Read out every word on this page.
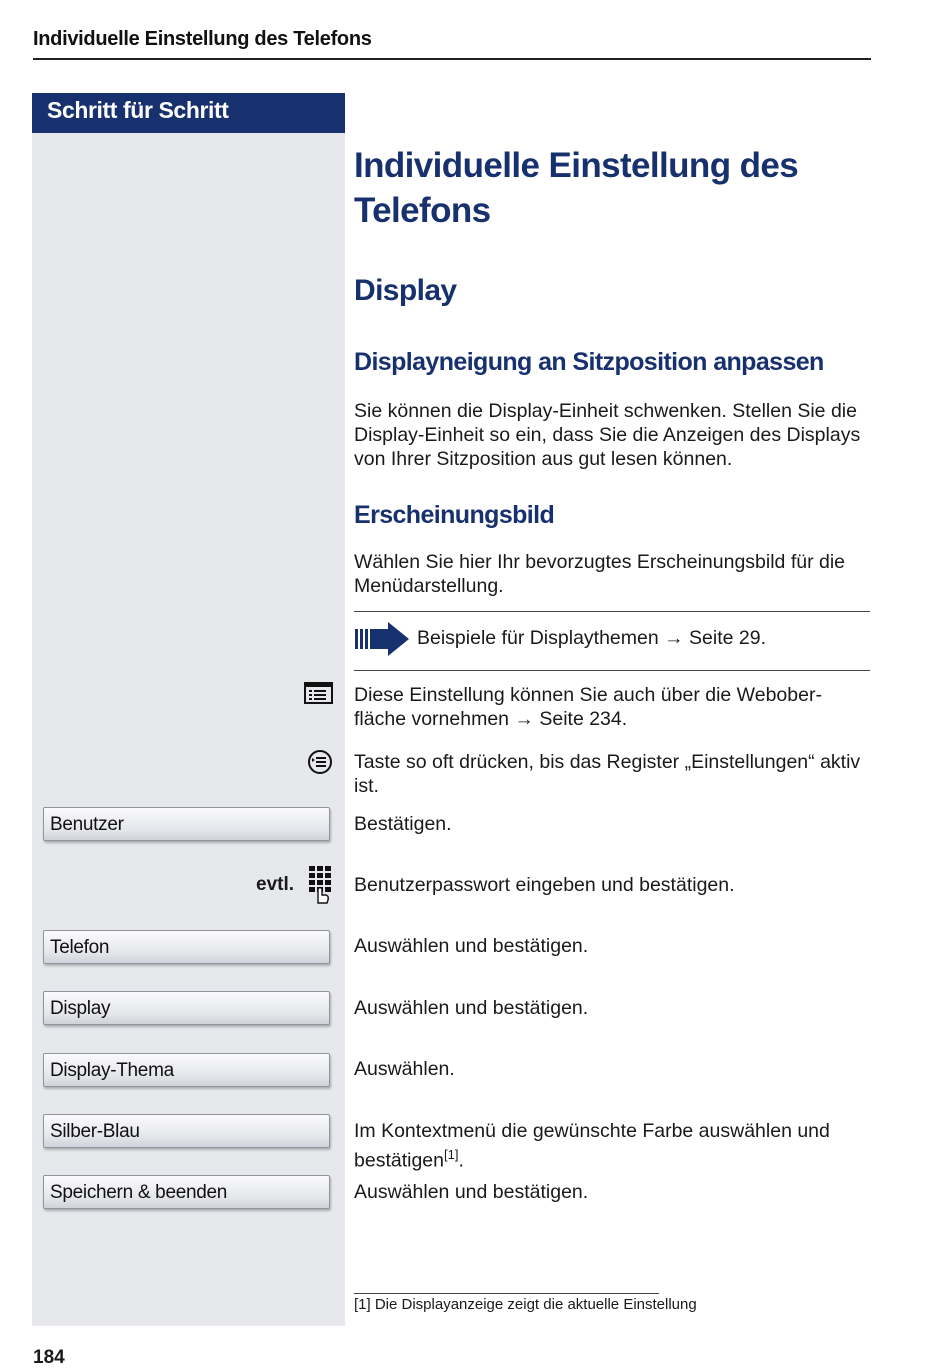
Individuelle Einstellung des Telefons
Schritt für Schritt
Individuelle Einstellung des Telefons
Display
Displayneigung an Sitzposition anpassen
Sie können die Display-Einheit schwenken. Stellen Sie die Display-Einheit so ein, dass Sie die Anzeigen des Displays von Ihrer Sitzposition aus gut lesen können.
Erscheinungsbild
Wählen Sie hier Ihr bevorzugtes Erscheinungsbild für die Menüdarstellung.
Beispiele für Displaythemen → Seite 29.
Diese Einstellung können Sie auch über die Webober-
fläche vornehmen → Seite 234.
Taste so oft drücken, bis das Register „Einstellungen“ aktiv ist.
Benutzer	Bestätigen.
evtl.	Benutzerpasswort eingeben und bestätigen.
Telefon	Auswählen und bestätigen.
Display	Auswählen und bestätigen.
Display-Thema	Auswählen.
Silber-Blau	Im Kontextmenü die gewünschte Farbe auswählen und bestätigen[1].
Speichern & beenden	Auswählen und bestätigen.
[1] Die Displayanzeige zeigt die aktuelle Einstellung
184
